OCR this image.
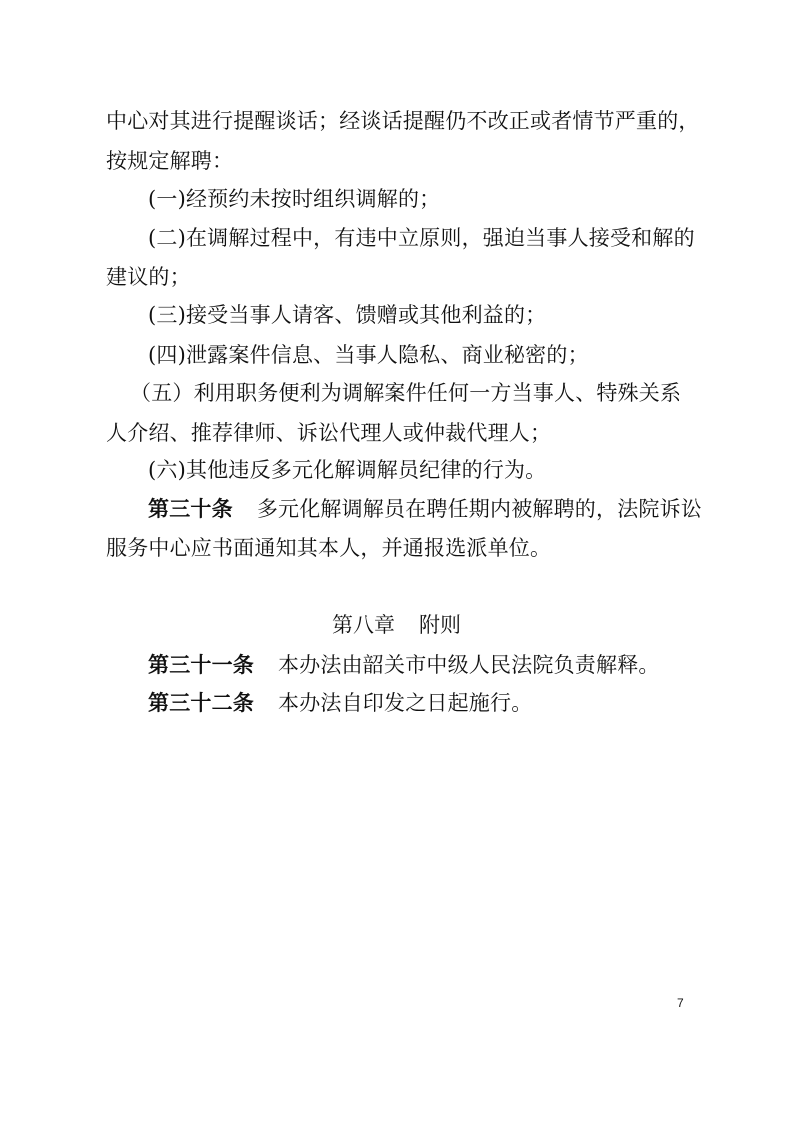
中心对其进行提醒谈话；经谈话提醒仍不改正或者情节严重的，
按规定解聘：
(一)经预约未按时组织调解的；
(二)在调解过程中，有违中立原则，强迫当事人接受和解的
建议的；
(三)接受当事人请客、馈赠或其他利益的；
(四)泄露案件信息、当事人隐私、商业秘密的；
（五）利用职务便利为调解案件任何一方当事人、特殊关系
人介绍、推荐律师、诉讼代理人或仲裁代理人；
(六)其他违反多元化解调解员纪律的行为。
第三十条 多元化解调解员在聘任期内被解聘的，法院诉讼
服务中心应书面通知其本人，并通报选派单位。
第八章 附则
第三十一条 本办法由韶关市中级人民法院负责解释。
第三十二条 本办法自印发之日起施行。
7
